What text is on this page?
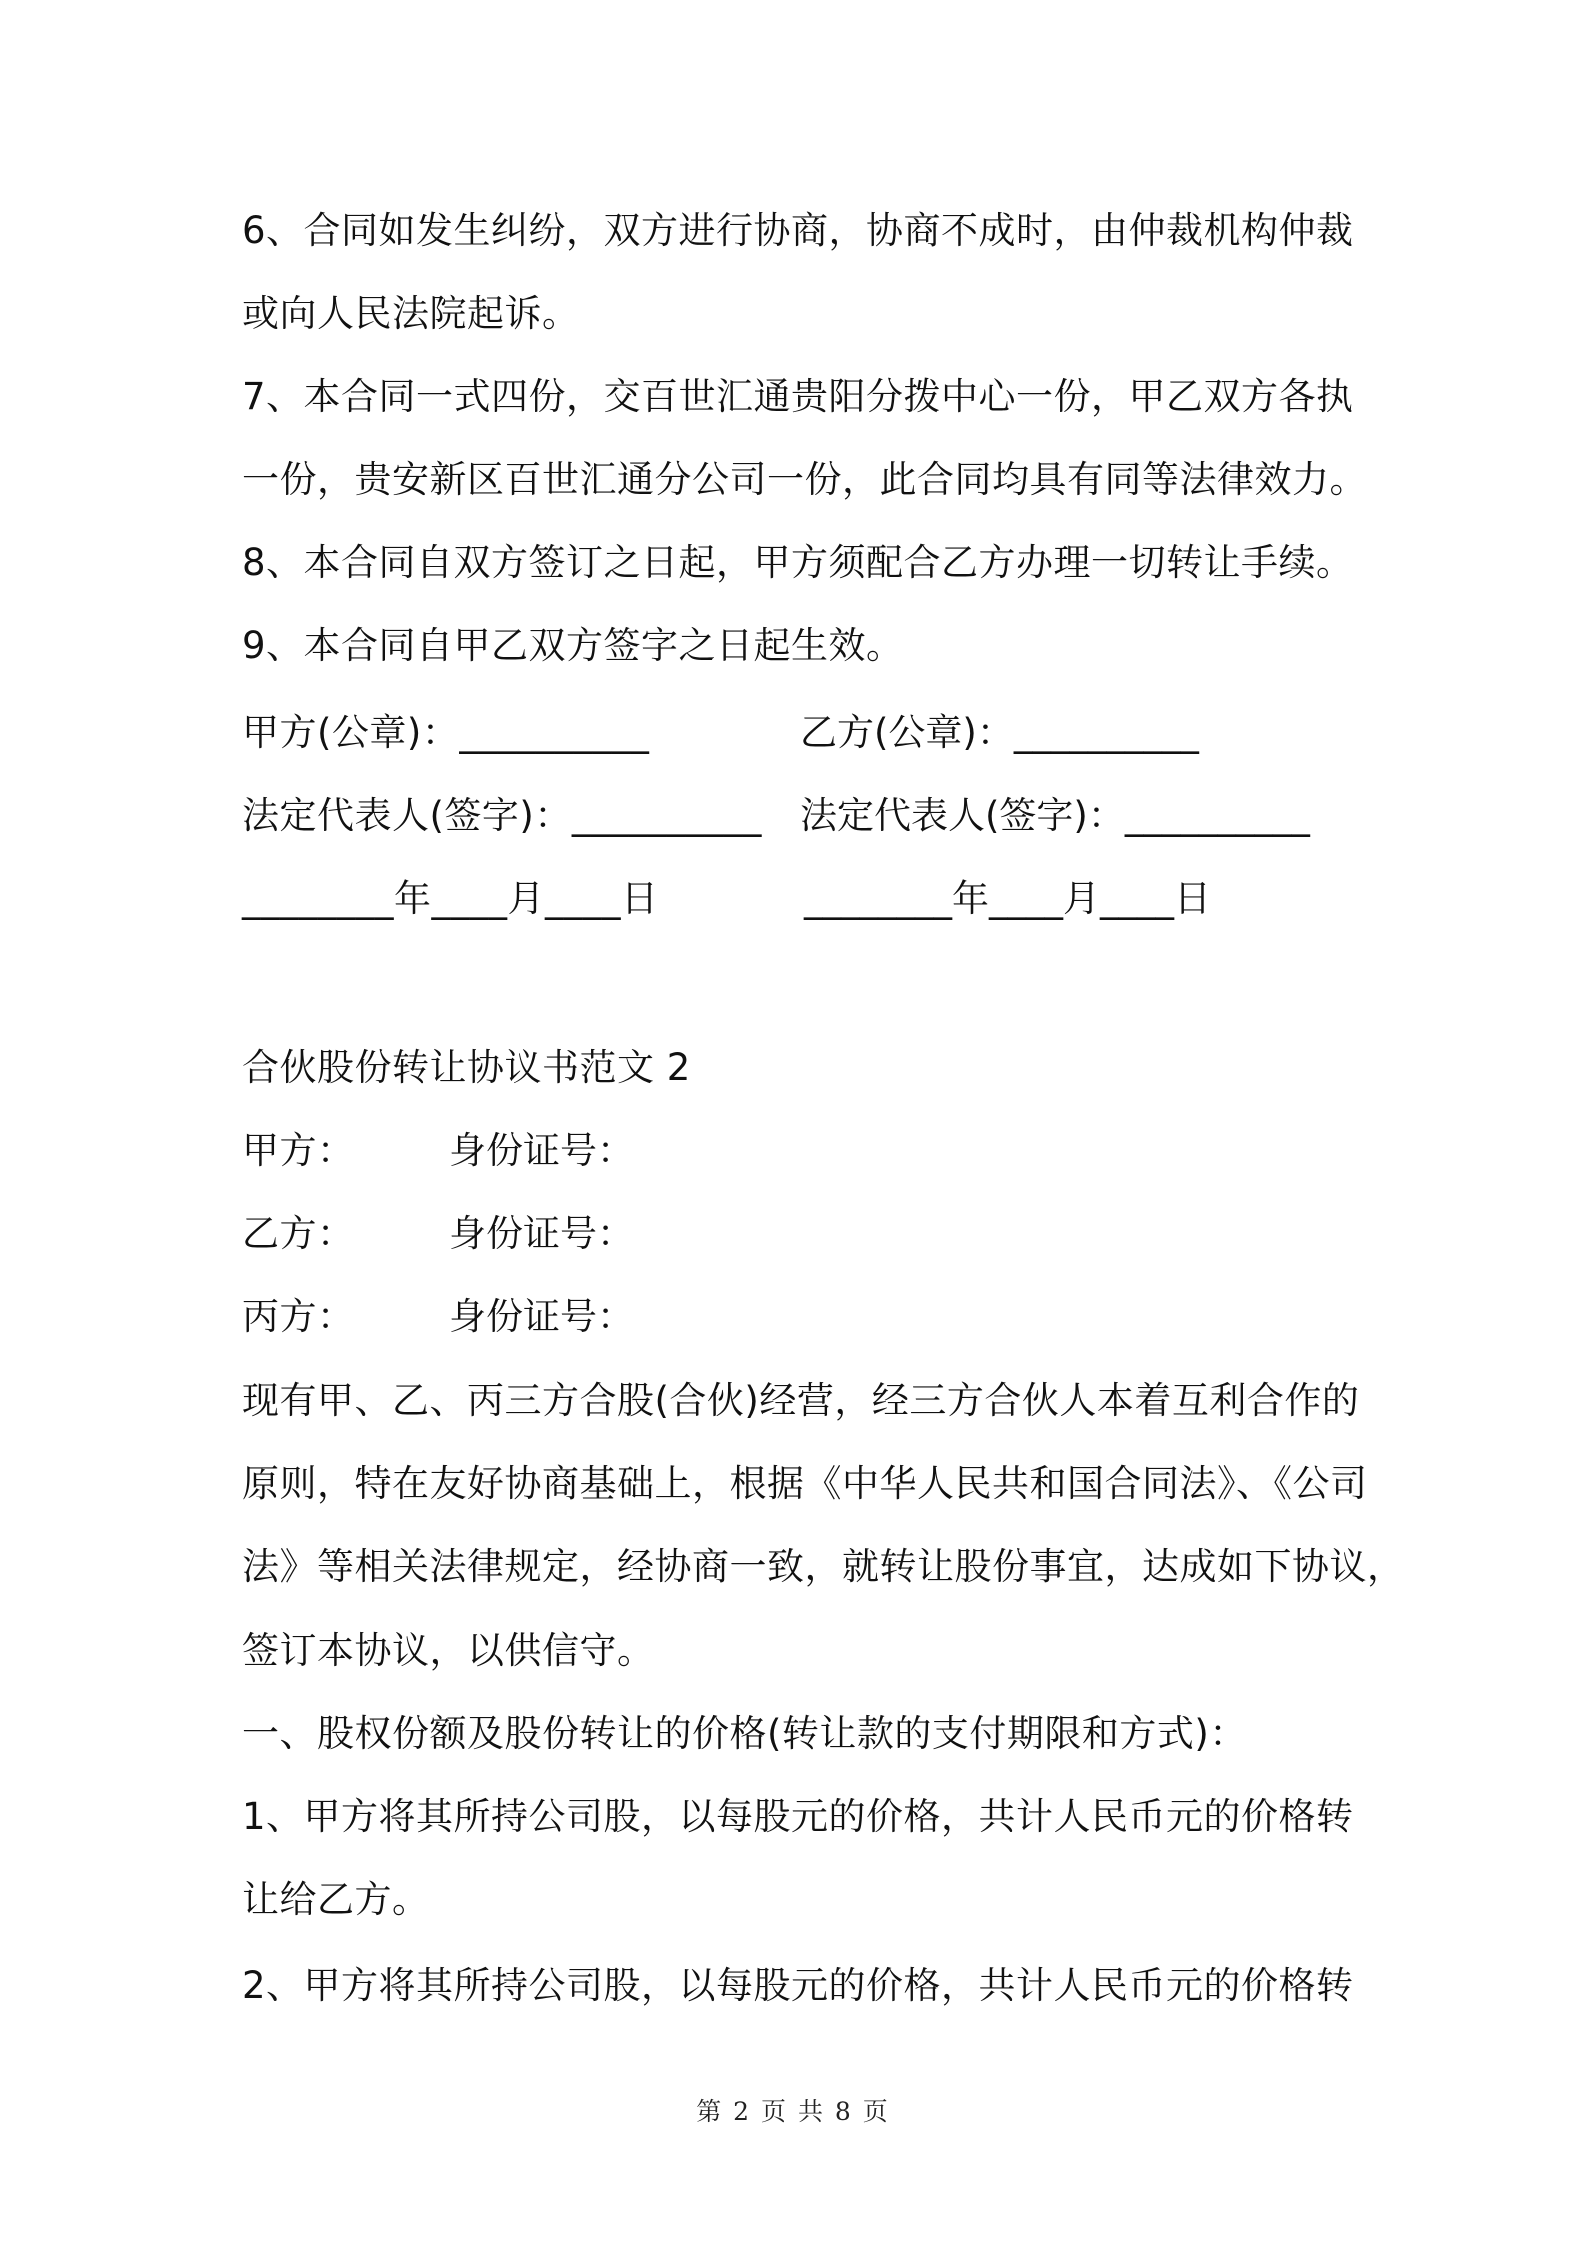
6、合同如发生纠纷，双方进行协商，协商不成时，由仲裁机构仲裁
或向人民法院起诉。
7、本合同一式四份，交百世汇通贵阳分拨中心一份，甲乙双方各执
一份，贵安新区百世汇通分公司一份，此合同均具有同等法律效力。
8、本合同自双方签订之日起，甲方须配合乙方办理一切转让手续。
9、本合同自甲乙双方签字之日起生效。
甲方(公章)：__________	乙方(公章)：__________
法定代表人(签字)：__________ 法定代表人(签字)：__________
________年____月____日	________年____月____日
合伙股份转让协议书范文 2
甲方：	身份证号：
乙方：	身份证号：
丙方：	身份证号：
现有甲、乙、丙三方合股(合伙)经营，经三方合伙人本着互利合作的
原则，特在友好协商基础上，根据《中华人民共和国合同法》、《公司
法》等相关法律规定，经协商一致，就转让股份事宜，达成如下协议，
签订本协议，以供信守。
一、股权份额及股份转让的价格(转让款的支付期限和方式)：
1、甲方将其所持公司股，以每股元的价格，共计人民币元的价格转
让给乙方。
2、甲方将其所持公司股，以每股元的价格，共计人民币元的价格转
第 2 页 共 8 页
